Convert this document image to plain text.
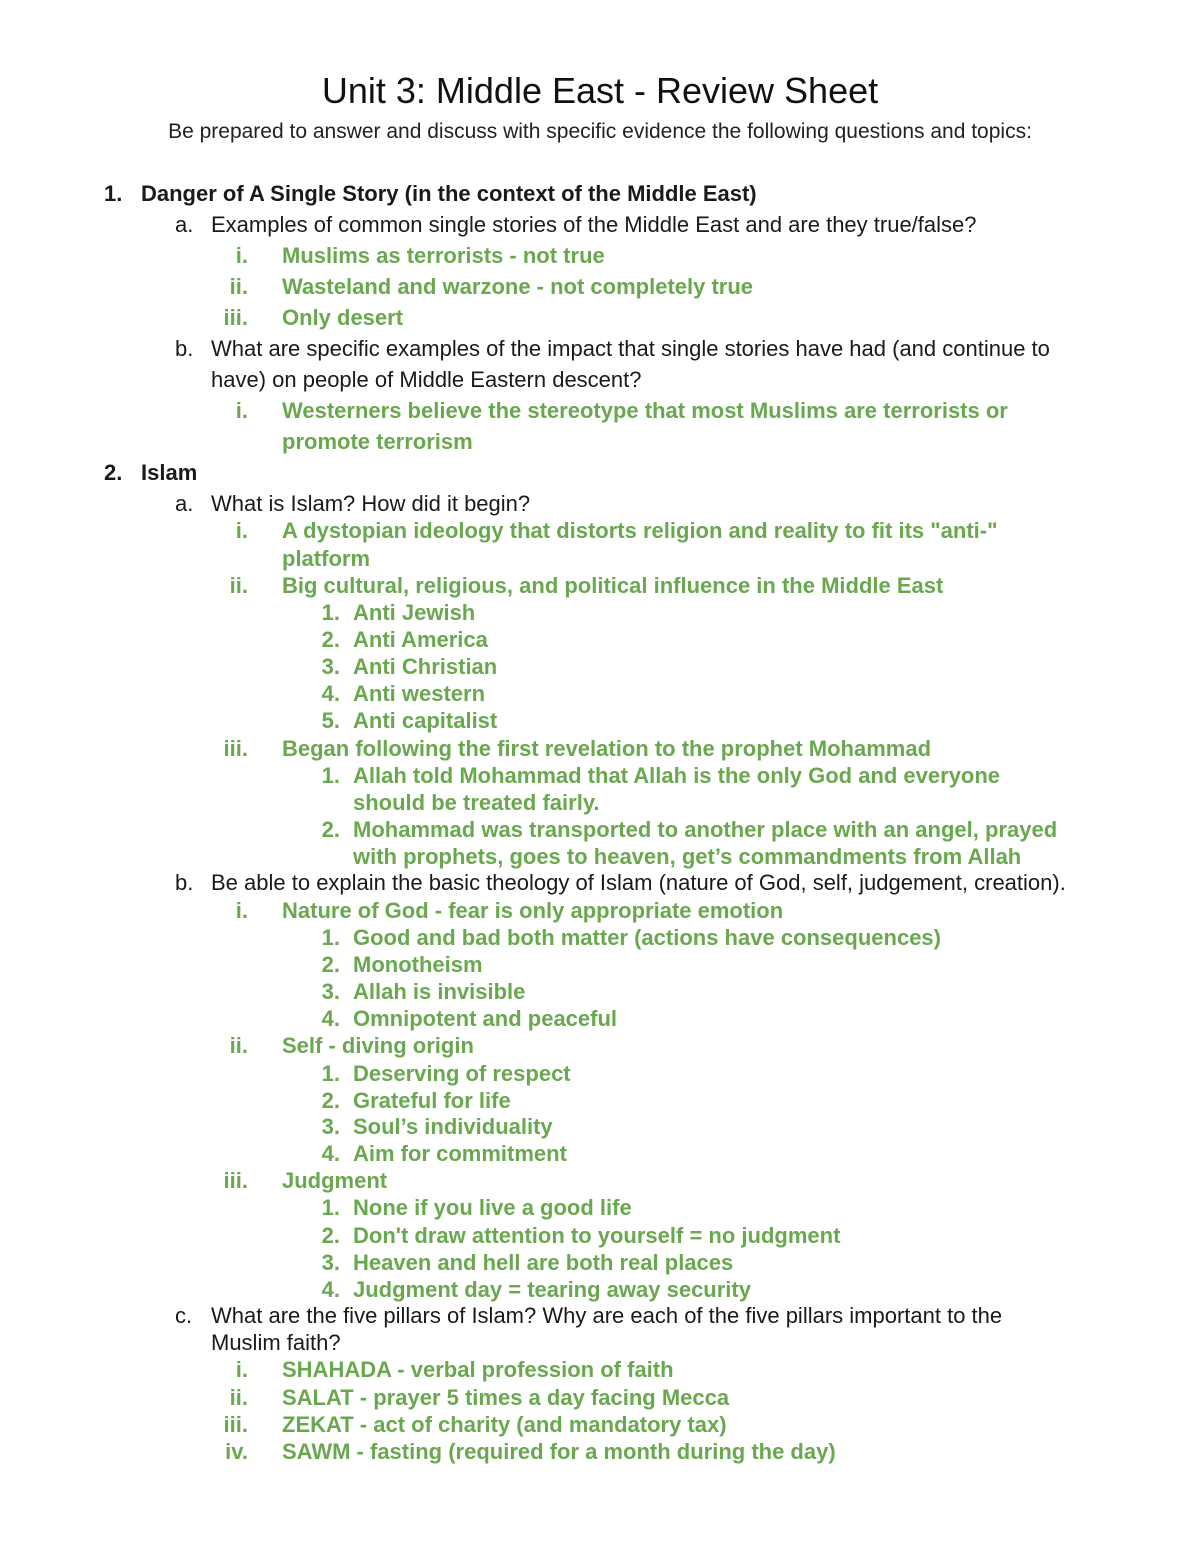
Unit 3: Middle East - Review Sheet
Be prepared to answer and discuss with specific evidence the following questions and topics:
1. Danger of A Single Story (in the context of the Middle East)
a. Examples of common single stories of the Middle East and are they true/false?
i. Muslims as terrorists - not true
ii. Wasteland and warzone - not completely true
iii. Only desert
b. What are specific examples of the impact that single stories have had (and continue to
have) on people of Middle Eastern descent?
i. Westerners believe the stereotype that most Muslims are terrorists or
promote terrorism
2. Islam
a. What is Islam? How did it begin?
i. A dystopian ideology that distorts religion and reality to fit its "anti-"
platform
ii. Big cultural, religious, and political influence in the Middle East
1. Anti Jewish
2. Anti America
3. Anti Christian
4. Anti western
5. Anti capitalist
iii. Began following the first revelation to the prophet Mohammad
1. Allah told Mohammad that Allah is the only God and everyone
should be treated fairly.
2. Mohammad was transported to another place with an angel, prayed
with prophets, goes to heaven, get’s commandments from Allah
b. Be able to explain the basic theology of Islam (nature of God, self, judgement, creation).
i. Nature of God - fear is only appropriate emotion
1. Good and bad both matter (actions have consequences)
2. Monotheism
3. Allah is invisible
4. Omnipotent and peaceful
ii. Self - diving origin
1. Deserving of respect
2. Grateful for life
3. Soul’s individuality
4. Aim for commitment
iii. Judgment
1. None if you live a good life
2. Don't draw attention to yourself = no judgment
3. Heaven and hell are both real places
4. Judgment day = tearing away security
c. What are the five pillars of Islam? Why are each of the five pillars important to the
Muslim faith?
i. SHAHADA - verbal profession of faith
ii. SALAT - prayer 5 times a day facing Mecca
iii. ZEKAT - act of charity (and mandatory tax)
iv. SAWM - fasting (required for a month during the day)
